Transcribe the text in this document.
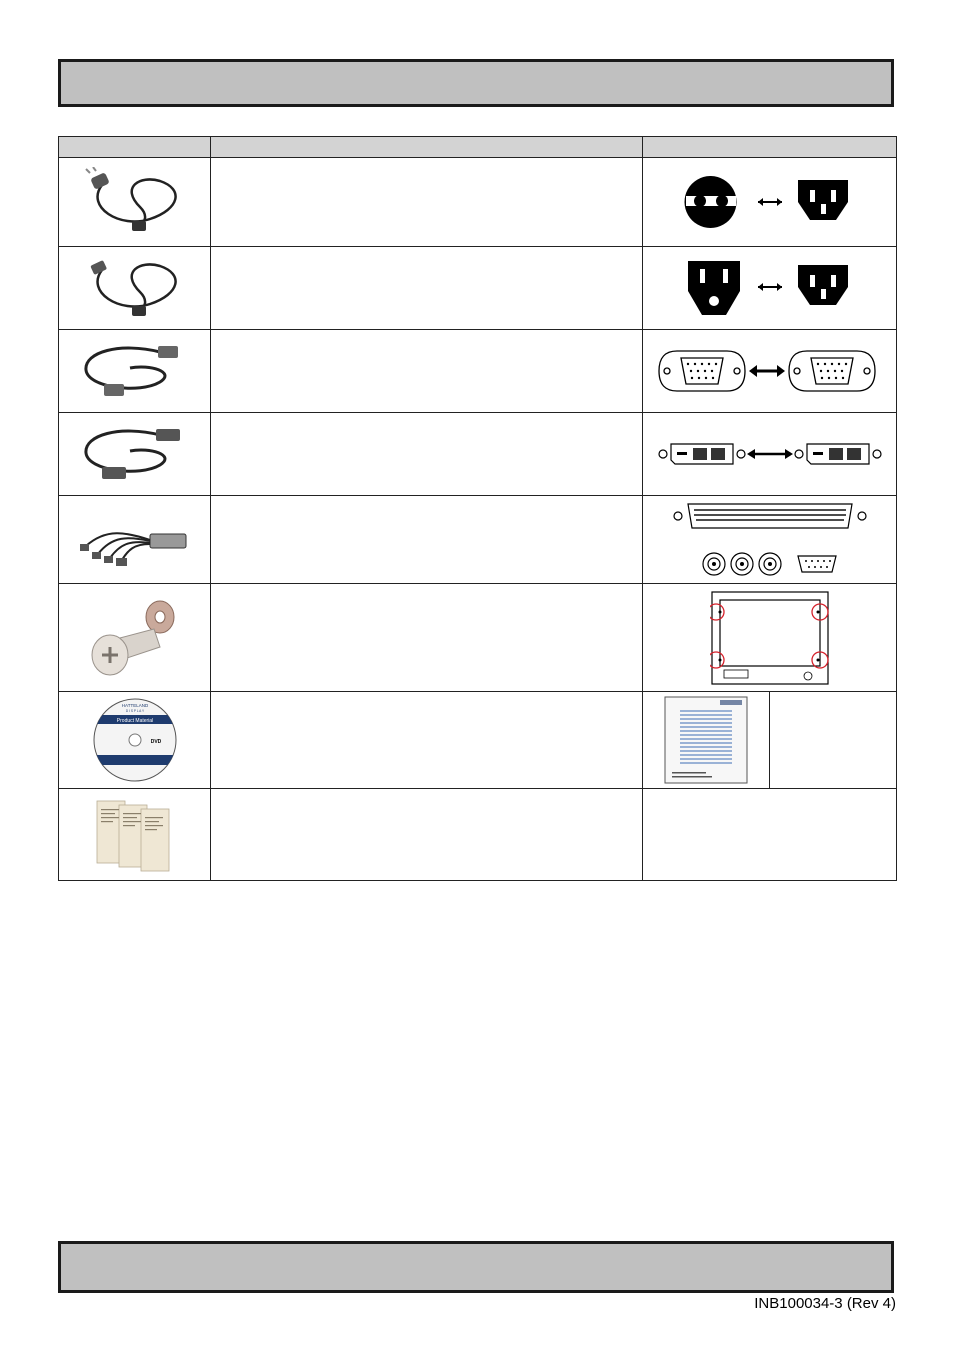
HATTELAND
D I S P L A Y
Product Material
DVD

INB100034-3 (Rev 4)
